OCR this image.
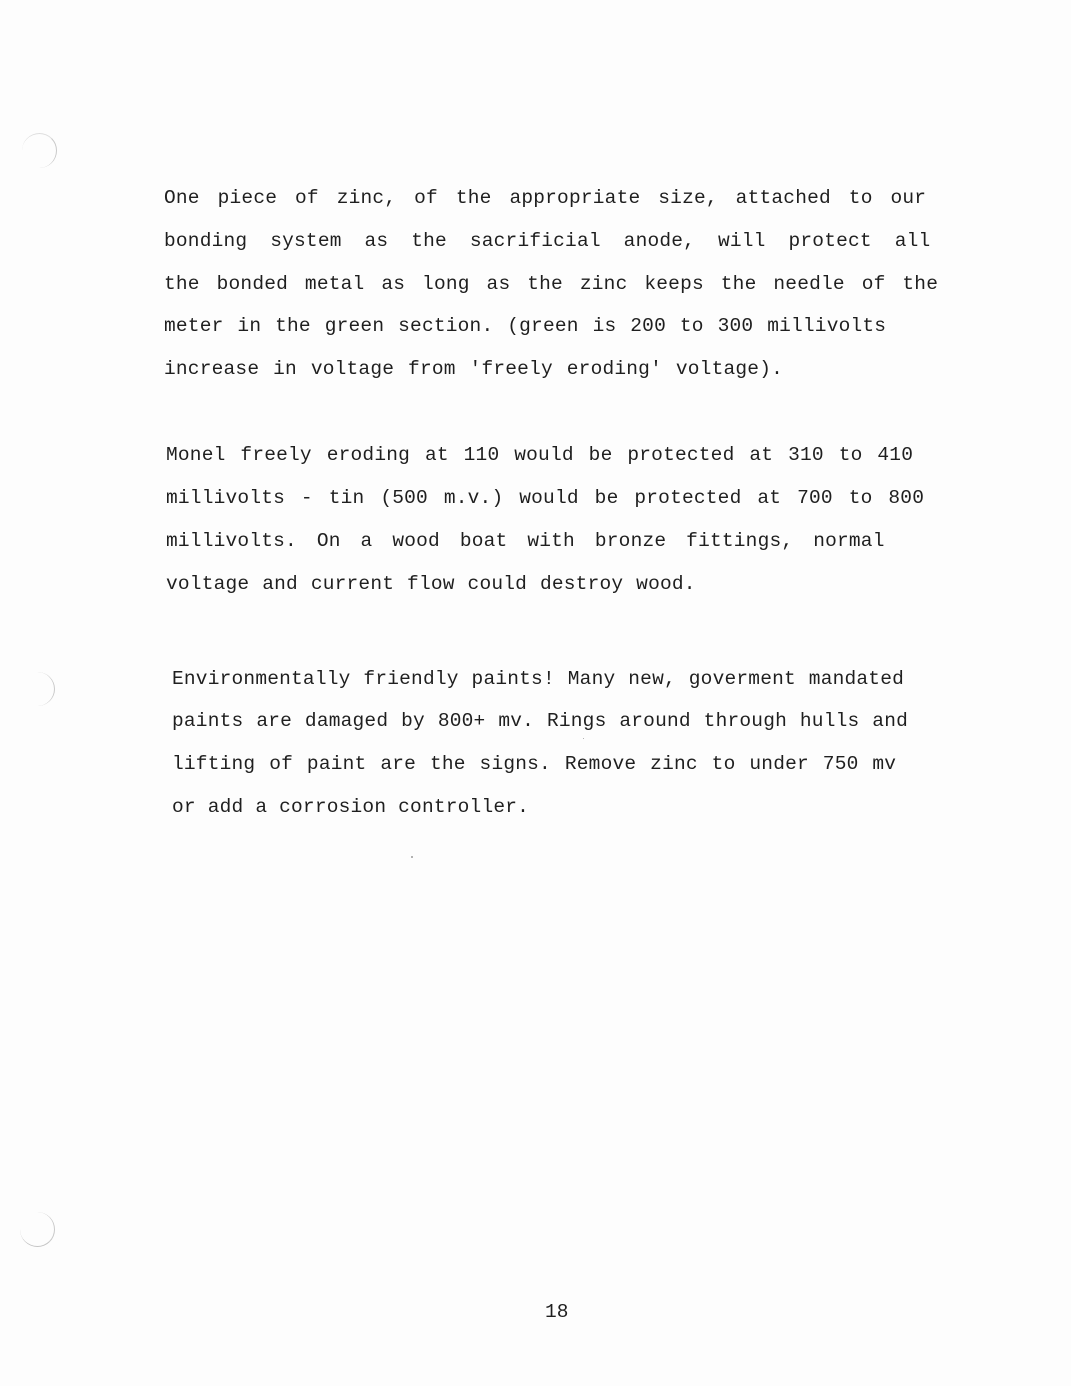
One piece of zinc, of the appropriate size, attached to our
bonding system as the sacrificial anode, will protect all
the bonded metal as long as the zinc keeps the needle of the
meter in the green section. (green is 200 to 300 millivolts
increase in voltage from 'freely eroding' voltage).
Monel freely eroding at 110 would be protected at 310 to 410
millivolts - tin (500 m.v.) would be protected at 700 to 800
millivolts. On a wood boat with bronze fittings, normal
voltage and current flow could destroy wood.
Environmentally friendly paints! Many new, goverment mandated
paints are damaged by 800+ mv. Rings around through hulls and
lifting of paint are the signs. Remove zinc to under 750 mv
or add a corrosion controller.
18
